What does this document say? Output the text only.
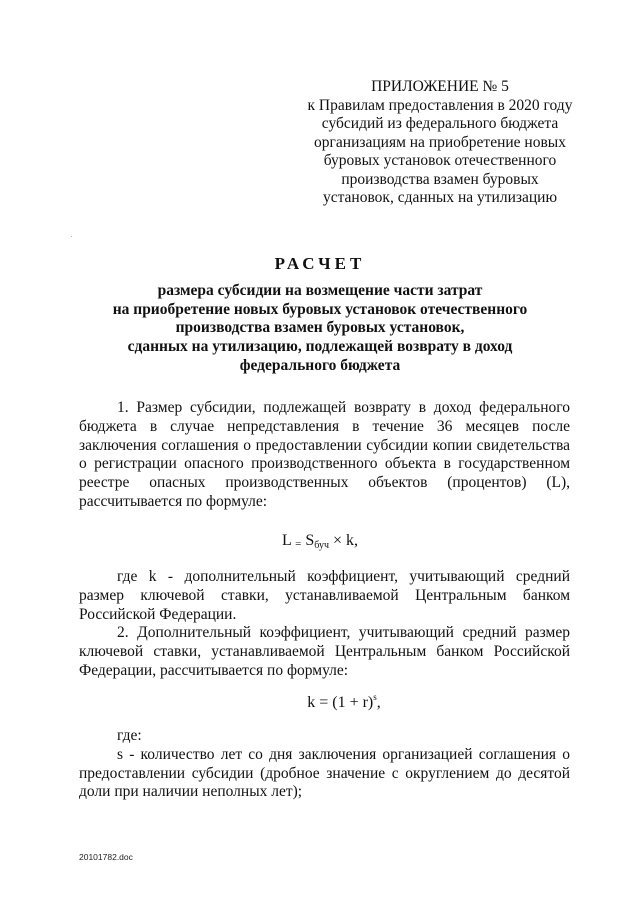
ПРИЛОЖЕНИЕ № 5
к Правилам предоставления в 2020 году
субсидий из федерального бюджета
организациям на приобретение новых
буровых установок отечественного
производства взамен буровых
установок, сданных на утилизацию
РАСЧЕТ
размера субсидии на возмещение части затрат
на приобретение новых буровых установок отечественного
производства взамен буровых установок,
сданных на утилизацию, подлежащей возврату в доход
федерального бюджета

1. Размер субсидии, подлежащей возврату в доход федерального бюджета в случае непредставления в течение 36 месяцев после заключения соглашения о предоставлении субсидии копии свидетельства о регистрации опасного производственного объекта в государственном реестре опасных производственных объектов (процентов) (L), рассчитывается по формуле:

$L = S_{буч} \times k$,

где k - дополнительный коэффициент, учитывающий средний размер ключевой ставки, устанавливаемой Центральным банком Российской Федерации.

2. Дополнительный коэффициент, учитывающий средний размер ключевой ставки, устанавливаемой Центральным банком Российской Федерации, рассчитывается по формуле:

$k = (1 + r)^s$,

где:

s - количество лет со дня заключения организацией соглашения о предоставлении субсидии (дробное значение с округлением до десятой доли при наличии неполных лет);

20101782.doc
